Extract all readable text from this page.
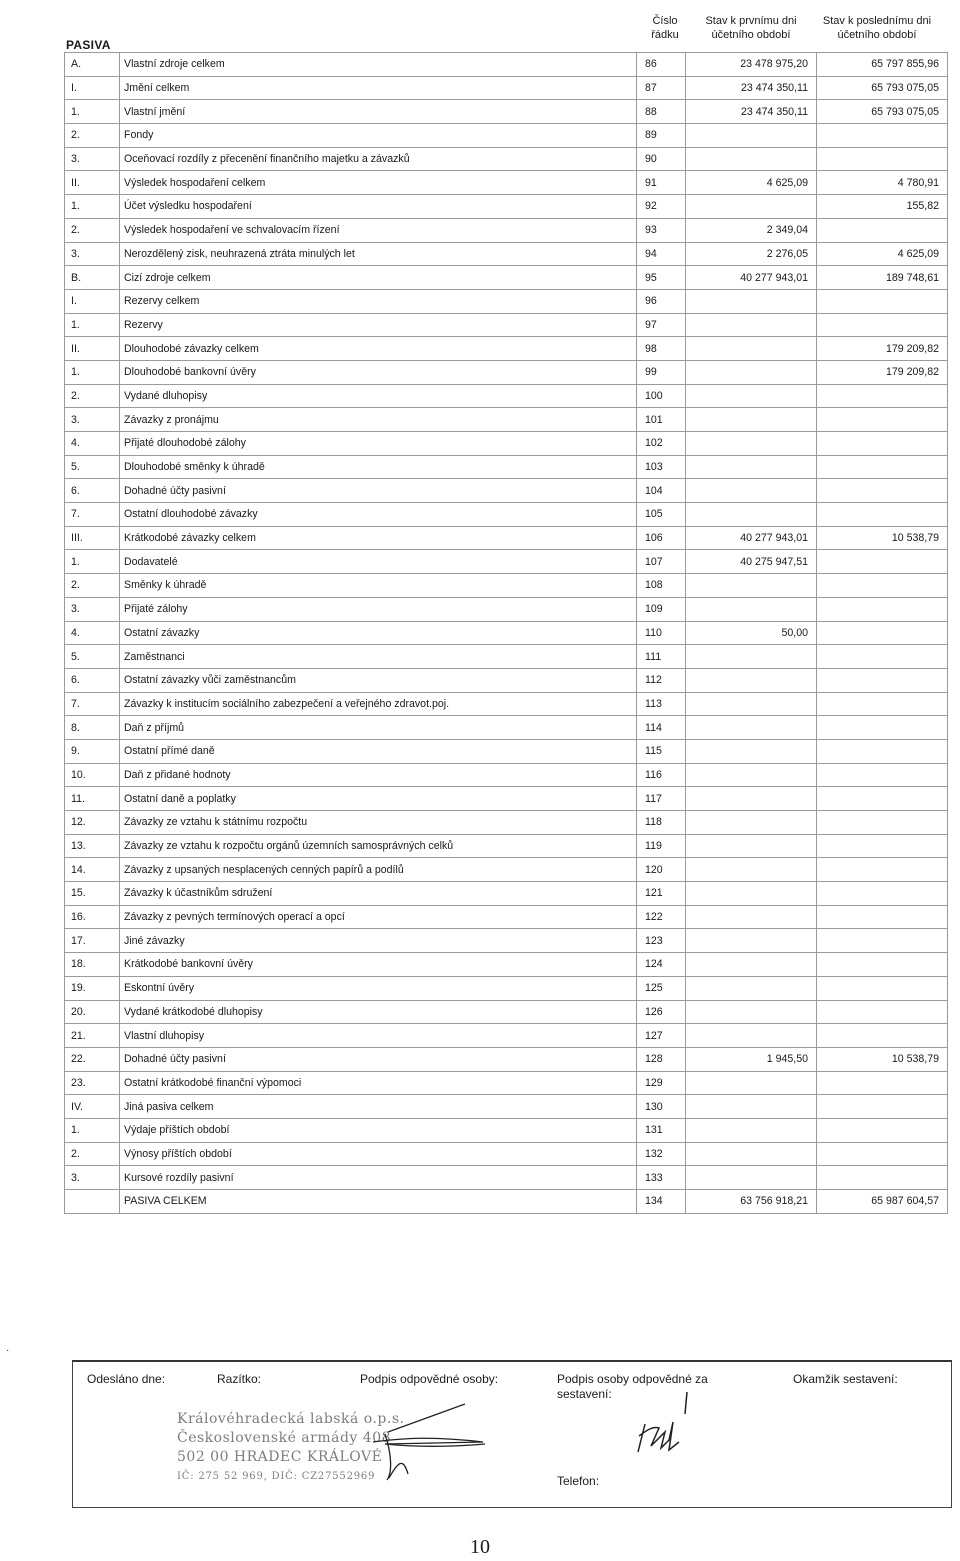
PASIVA
Číslo řádku
Stav k prvnímu dni účetního období
Stav k poslednímu dni účetního období
A.	Vlastní zdroje celkem	86	23 478 975,20	65 797 855,96
I.	Jmění celkem	87	23 474 350,11	65 793 075,05
1.	Vlastní jmění	88	23 474 350,11	65 793 075,05
2.	Fondy	89		
3.	Oceňovací rozdíly z přecenění finančního majetku a závazků	90		
II.	Výsledek hospodaření celkem	91	4 625,09	4 780,91
1.	Účet výsledku hospodaření	92		155,82
2.	Výsledek hospodaření ve schvalovacím řízení	93	2 349,04	
3.	Nerozdělený zisk, neuhrazená ztráta minulých let	94	2 276,05	4 625,09
B.	Cizí zdroje celkem	95	40 277 943,01	189 748,61
I.	Rezervy celkem	96		
1.	Rezervy	97		
II.	Dlouhodobé závazky celkem	98		179 209,82
1.	Dlouhodobé bankovní úvěry	99		179 209,82
2.	Vydané dluhopisy	100		
3.	Závazky z pronájmu	101		
4.	Přijaté dlouhodobé zálohy	102		
5.	Dlouhodobé směnky k úhradě	103		
6.	Dohadné účty pasivní	104		
7.	Ostatní dlouhodobé závazky	105		
III.	Krátkodobé závazky celkem	106	40 277 943,01	10 538,79
1.	Dodavatelé	107	40 275 947,51	
2.	Směnky k úhradě	108		
3.	Přijaté zálohy	109		
4.	Ostatní závazky	110	50,00	
5.	Zaměstnanci	111		
6.	Ostatní závazky vůči zaměstnancům	112		
7.	Závazky k institucím sociálního zabezpečení a veřejného zdravot.poj.	113		
8.	Daň z příjmů	114		
9.	Ostatní přímé daně	115		
10.	Daň z přidané hodnoty	116		
11.	Ostatní daně a poplatky	117		
12.	Závazky ze vztahu k státnímu rozpočtu	118		
13.	Závazky ze vztahu k rozpočtu orgánů územních samosprávných celků	119		
14.	Závazky z upsaných nesplacených cenných papírů a podílů	120		
15.	Závazky k účastníkům sdružení	121		
16.	Závazky z pevných termínových operací a opcí	122		
17.	Jiné závazky	123		
18.	Krátkodobé bankovní úvěry	124		
19.	Eskontní úvěry	125		
20.	Vydané krátkodobé dluhopisy	126		
21.	Vlastní dluhopisy	127		
22.	Dohadné účty pasivní	128	1 945,50	10 538,79
23.	Ostatní krátkodobé finanční výpomoci	129		
IV.	Jiná pasiva celkem	130		
1.	Výdaje příštích období	131		
2.	Výnosy příštích období	132		
3.	Kursové rozdíly pasivní	133		
	PASIVA CELKEM	134	63 756 918,21	65 987 604,57
·
Odesláno dne:	Razítko:	Podpis odpovědné osoby:	Podpis osoby odpovědné za sestavení:
Okamžik sestavení:
Telefon:
Královéhradecká labská o.p.s.
Československé armády 408
502 00 HRADEC KRÁLOVÉ
IČ: 275 52 969, DIČ: CZ27552969
10
